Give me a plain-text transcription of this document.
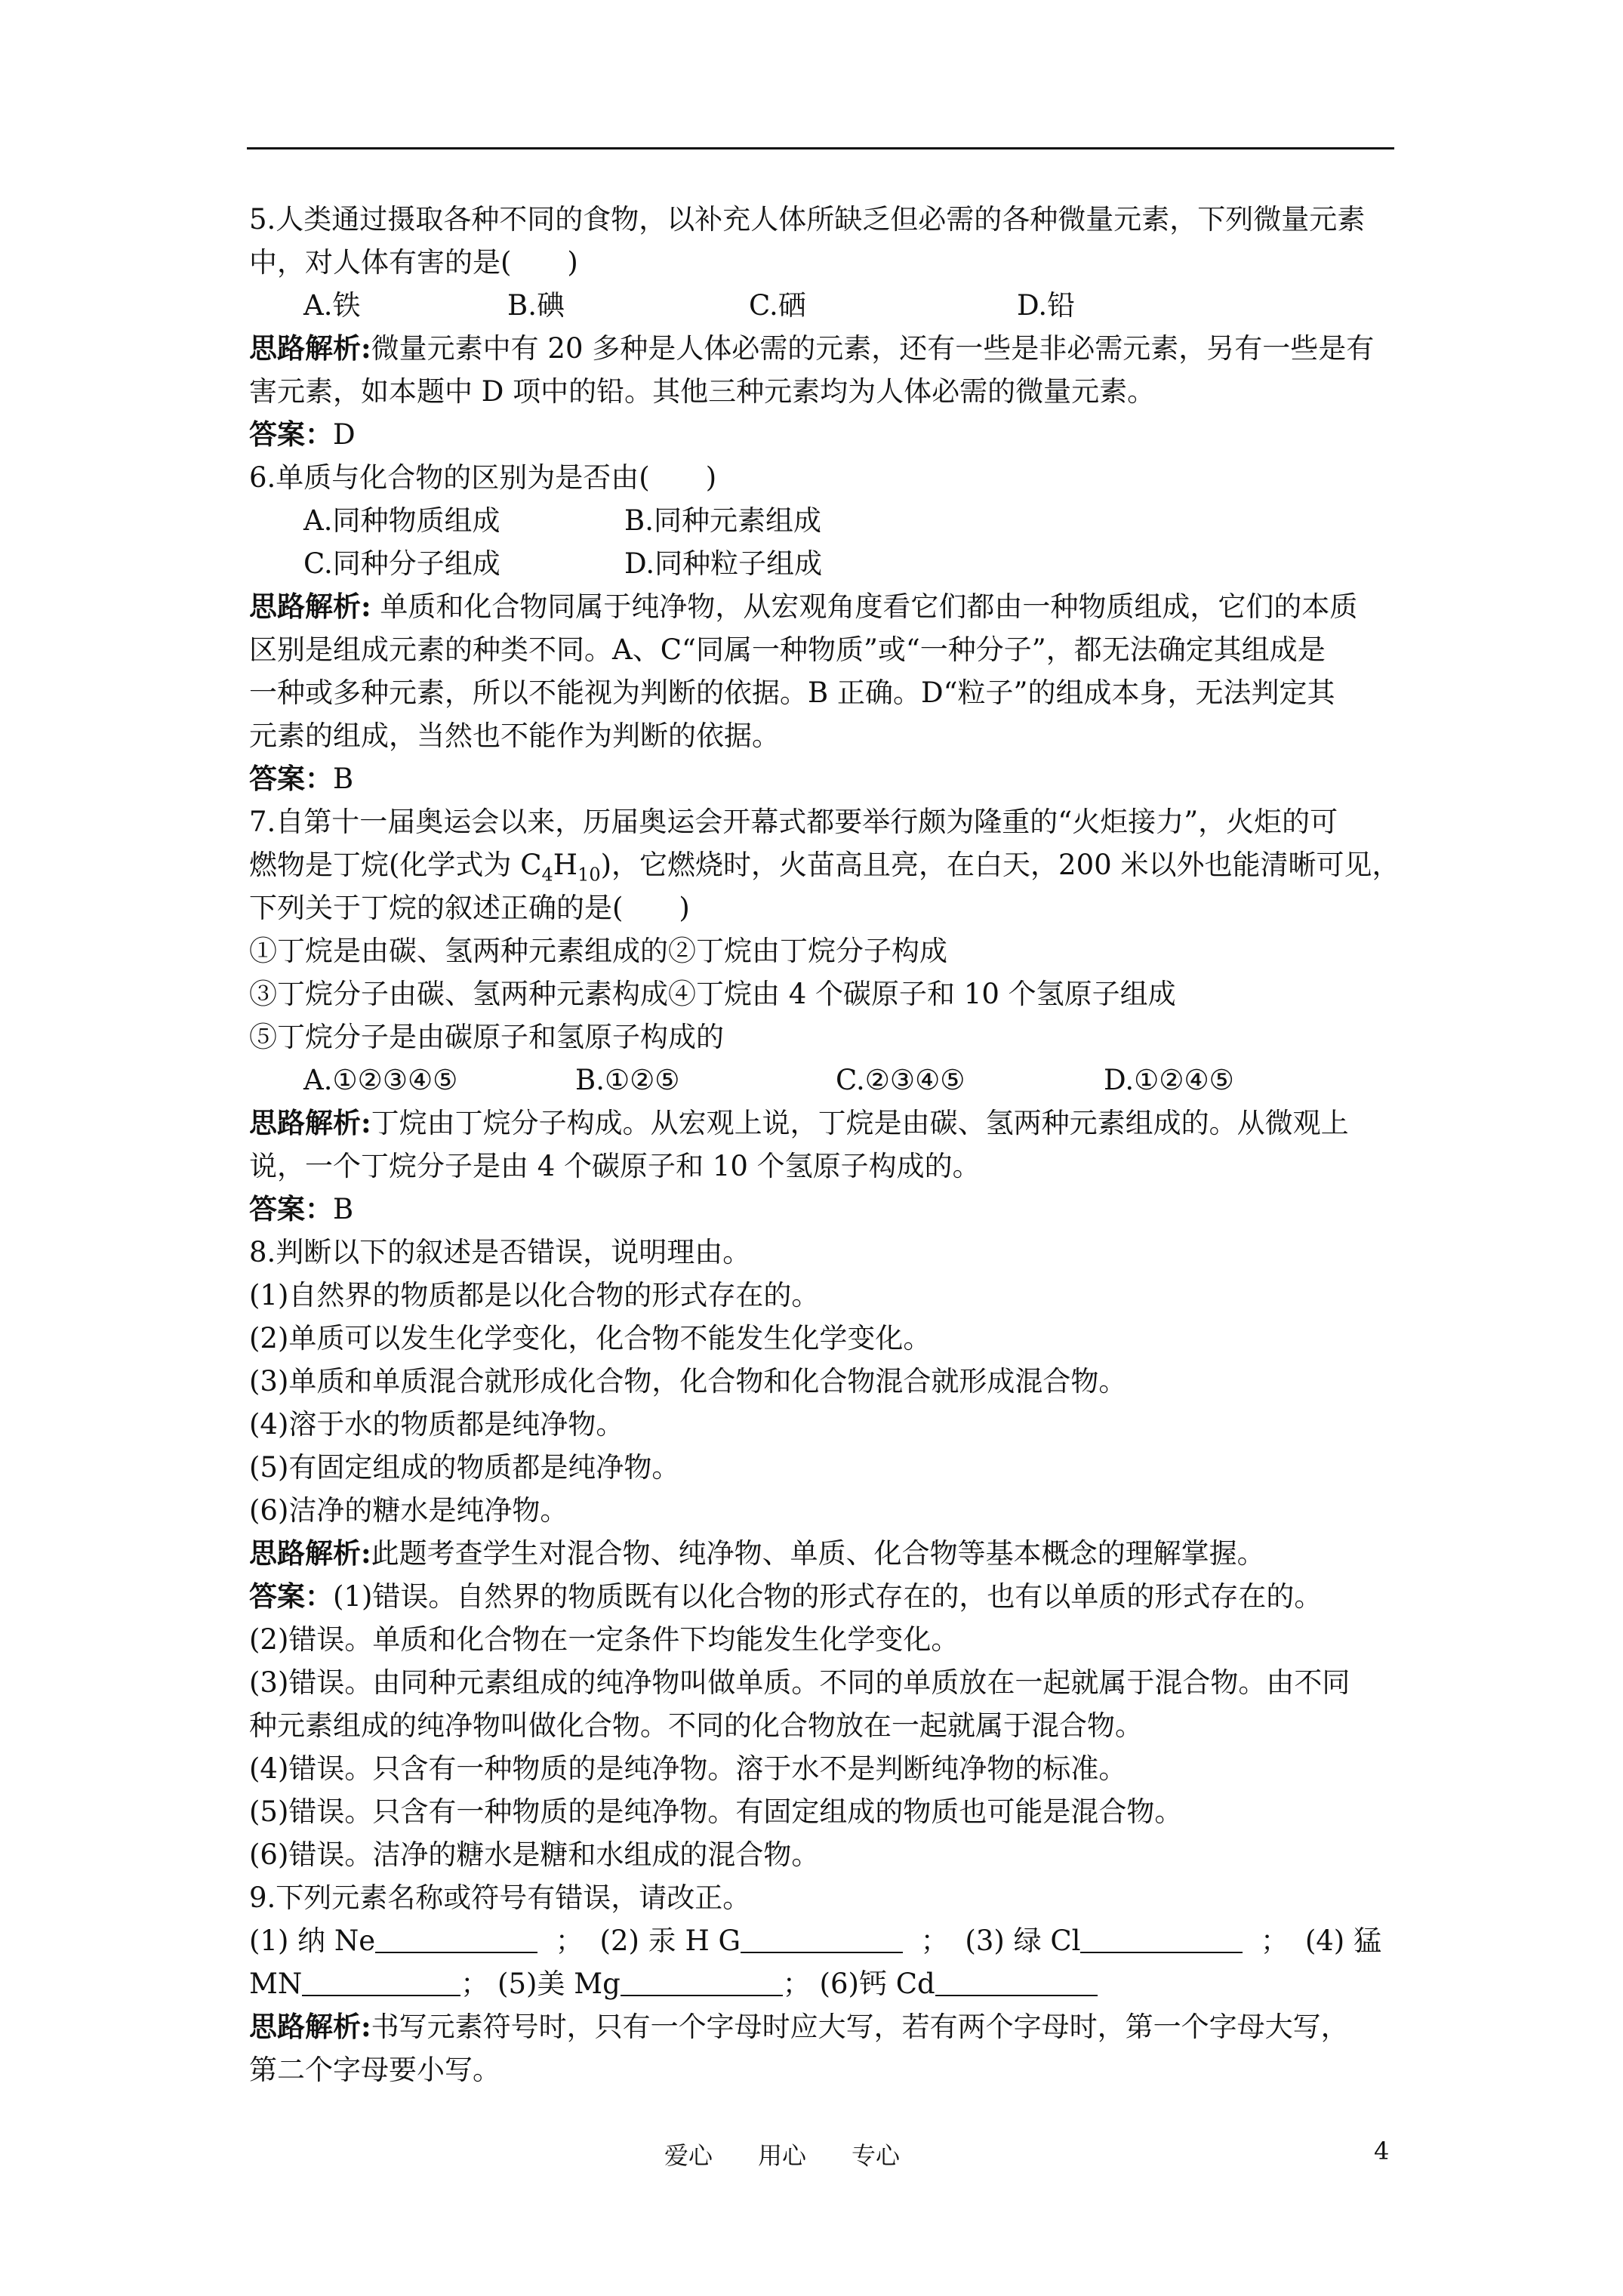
5.人类通过摄取各种不同的食物，以补充人体所缺乏但必需的各种微量元素，下列微量元素
中，对人体有害的是(　　)
A.铁	B.碘	C.硒	D.铅
思路解析:微量元素中有 20 多种是人体必需的元素，还有一些是非必需元素，另有一些是有
害元素，如本题中 D 项中的铅。其他三种元素均为人体必需的微量元素。
答案：D
6.单质与化合物的区别为是否由(　　)
A.同种物质组成	B.同种元素组成
C.同种分子组成	D.同种粒子组成
思路解析: 单质和化合物同属于纯净物，从宏观角度看它们都由一种物质组成，它们的本质
区别是组成元素的种类不同。A、C“同属一种物质”或“一种分子”，都无法确定其组成是
一种或多种元素，所以不能视为判断的依据。B 正确。D“粒子”的组成本身，无法判定其
元素的组成，当然也不能作为判断的依据。
答案：B
7.自第十一届奥运会以来，历届奥运会开幕式都要举行颇为隆重的“火炬接力”，火炬的可
燃物是丁烷(化学式为 $C_4H_{10}$)，它燃烧时，火苗高且亮，在白天，200 米以外也能清晰可见，
下列关于丁烷的叙述正确的是(　　)
①丁烷是由碳、氢两种元素组成的②丁烷由丁烷分子构成
③丁烷分子由碳、氢两种元素构成④丁烷由 4 个碳原子和 10 个氢原子组成
⑤丁烷分子是由碳原子和氢原子构成的
A.①②③④⑤	B.①②⑤	C.②③④⑤	D.①②④⑤
思路解析:丁烷由丁烷分子构成。从宏观上说，丁烷是由碳、氢两种元素组成的。从微观上
说，一个丁烷分子是由 4 个碳原子和 10 个氢原子构成的。
答案：B
8.判断以下的叙述是否错误，说明理由。
(1)自然界的物质都是以化合物的形式存在的。
(2)单质可以发生化学变化，化合物不能发生化学变化。
(3)单质和单质混合就形成化合物，化合物和化合物混合就形成混合物。
(4)溶于水的物质都是纯净物。
(5)有固定组成的物质都是纯净物。
(6)洁净的糖水是纯净物。
思路解析:此题考查学生对混合物、纯净物、单质、化合物等基本概念的理解掌握。
答案：(1)错误。自然界的物质既有以化合物的形式存在的，也有以单质的形式存在的。
(2)错误。单质和化合物在一定条件下均能发生化学变化。
(3)错误。由同种元素组成的纯净物叫做单质。不同的单质放在一起就属于混合物。由不同
种元素组成的纯净物叫做化合物。不同的化合物放在一起就属于混合物。
(4)错误。只含有一种物质的是纯净物。溶于水不是判断纯净物的标准。
(5)错误。只含有一种物质的是纯净物。有固定组成的物质也可能是混合物。
(6)错误。洁净的糖水是糖和水组成的混合物。
9.下列元素名称或符号有错误，请改正。
(1) 纳 Ne	； (2) 汞 H G	； (3) 绿 Cl	； (4) 猛
MN	； (5)美 Mg	； (6)钙 Cd
思路解析:书写元素符号时，只有一个字母时应大写，若有两个字母时，第一个字母大写，
第二个字母要小写。
爱心 用心 专心	4
